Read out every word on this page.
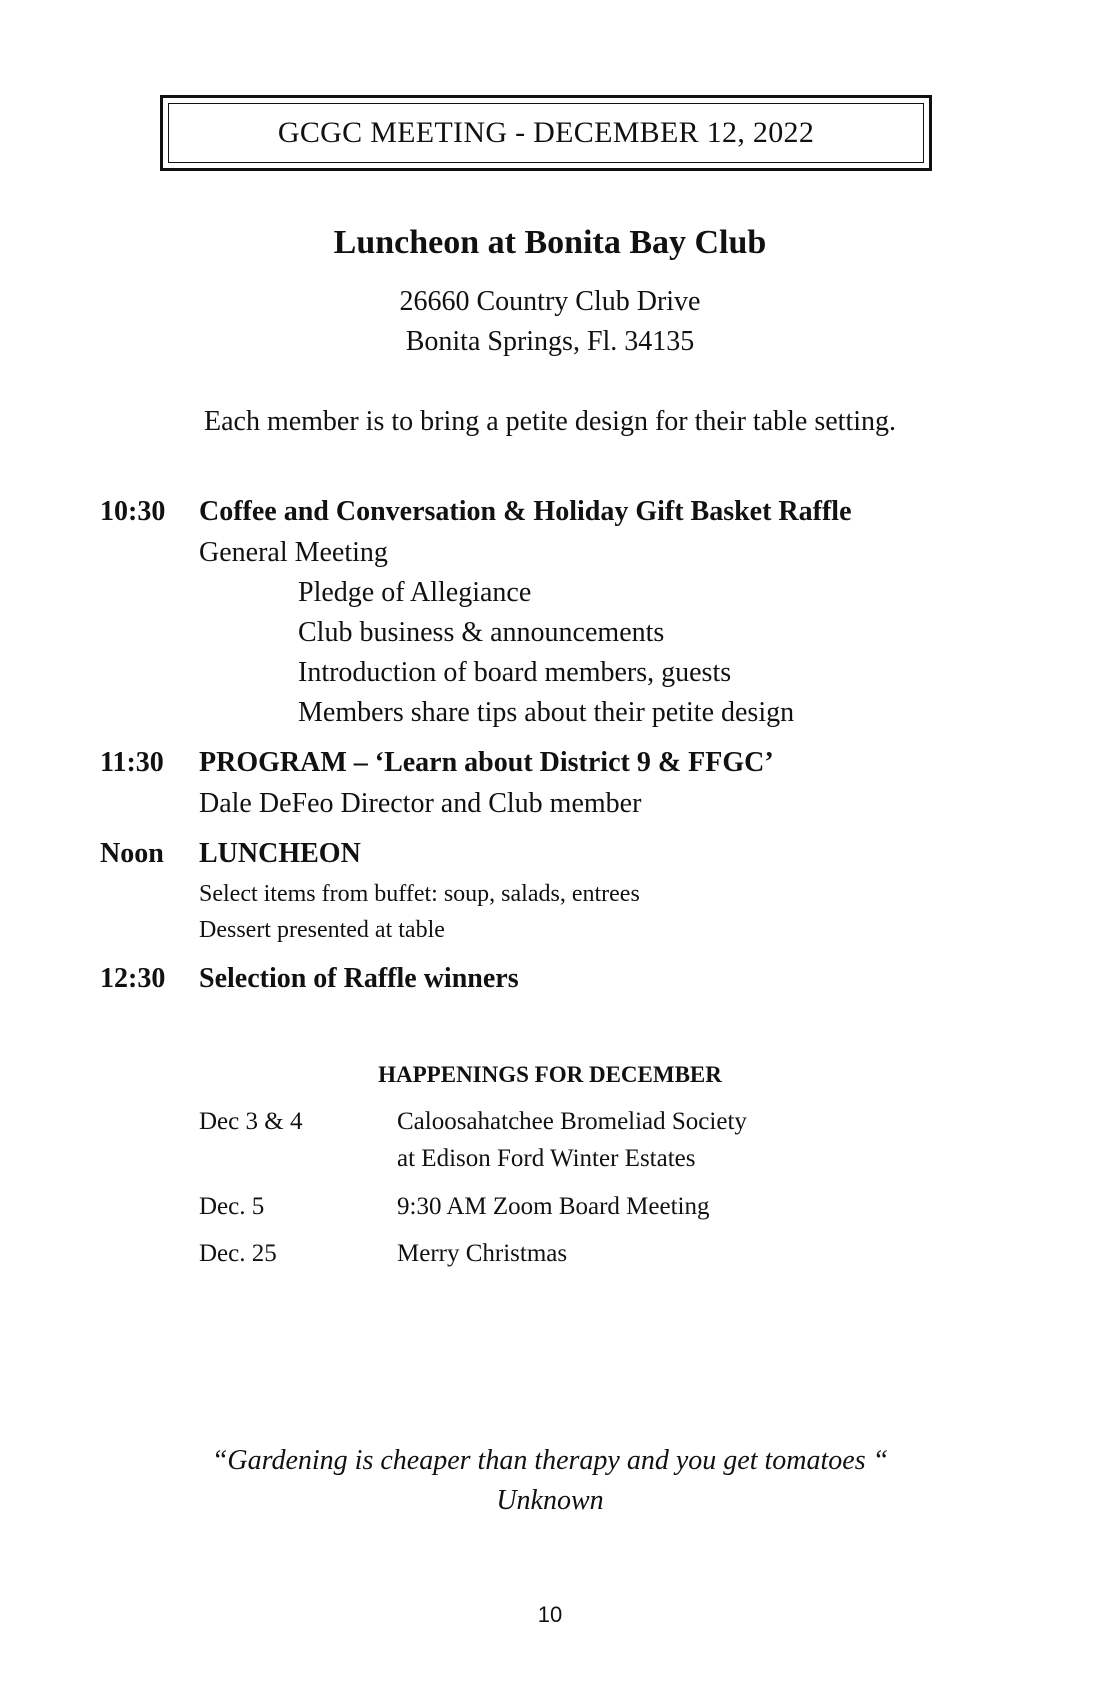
GCGC MEETING - DECEMBER 12, 2022
Luncheon at Bonita Bay Club
26660 Country Club Drive
Bonita Springs, Fl. 34135
Each member is to bring a petite design for their table setting.
10:30 Coffee and Conversation & Holiday Gift Basket Raffle
General Meeting
Pledge of Allegiance
Club business & announcements
Introduction of board members, guests
Members share tips about their petite design
11:30 PROGRAM – ‘Learn about District 9 & FFGC’
Dale DeFeo Director and Club member
Noon LUNCHEON
Select items from buffet: soup, salads, entrees
Dessert presented at table
12:30 Selection of Raffle winners
HAPPENINGS FOR DECEMBER
Dec 3 & 4	Caloosahatchee Bromeliad Society
at Edison Ford Winter Estates
Dec. 5	9:30 AM Zoom Board Meeting
Dec. 25	Merry Christmas
“Gardening is cheaper than therapy and you get tomatoes “
Unknown
10
